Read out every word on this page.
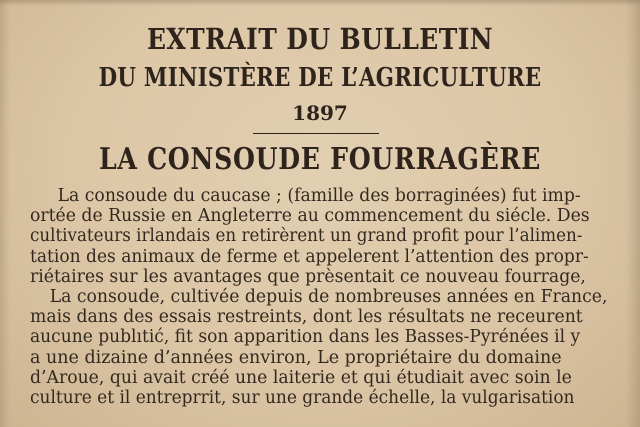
EXTRAIT DU BULLETIN
DU MINISTÈRE DE L’AGRICULTURE
1897
LA CONSOUDE FOURRAGÈRE
La consoude du caucase ; (famille des borraginées) fut imp-
ortée de Russie en Angleterre au commencement du siécle. Des
cultivateurs irlandais en retirèrent un grand profit pour l’alimen-
tation des animaux de ferme et appelerent l’attention des propr-
riétaires sur les avantages que prèsentait ce nouveau fourrage,
La consoude, cultivée depuis de nombreuses années en France,
mais dans des essais restreints, dont les résultats ne receurent
aucune publıtić, fit son apparition dans les Basses-Pyrénées il y
a une dizaine d’années environ, Le propriétaire du domaine
d’Aroue, qui avait créé une laiterie et qui étudiait avec soin le
culture et il entreprrit, sur une grande échelle, la vulgarisation
